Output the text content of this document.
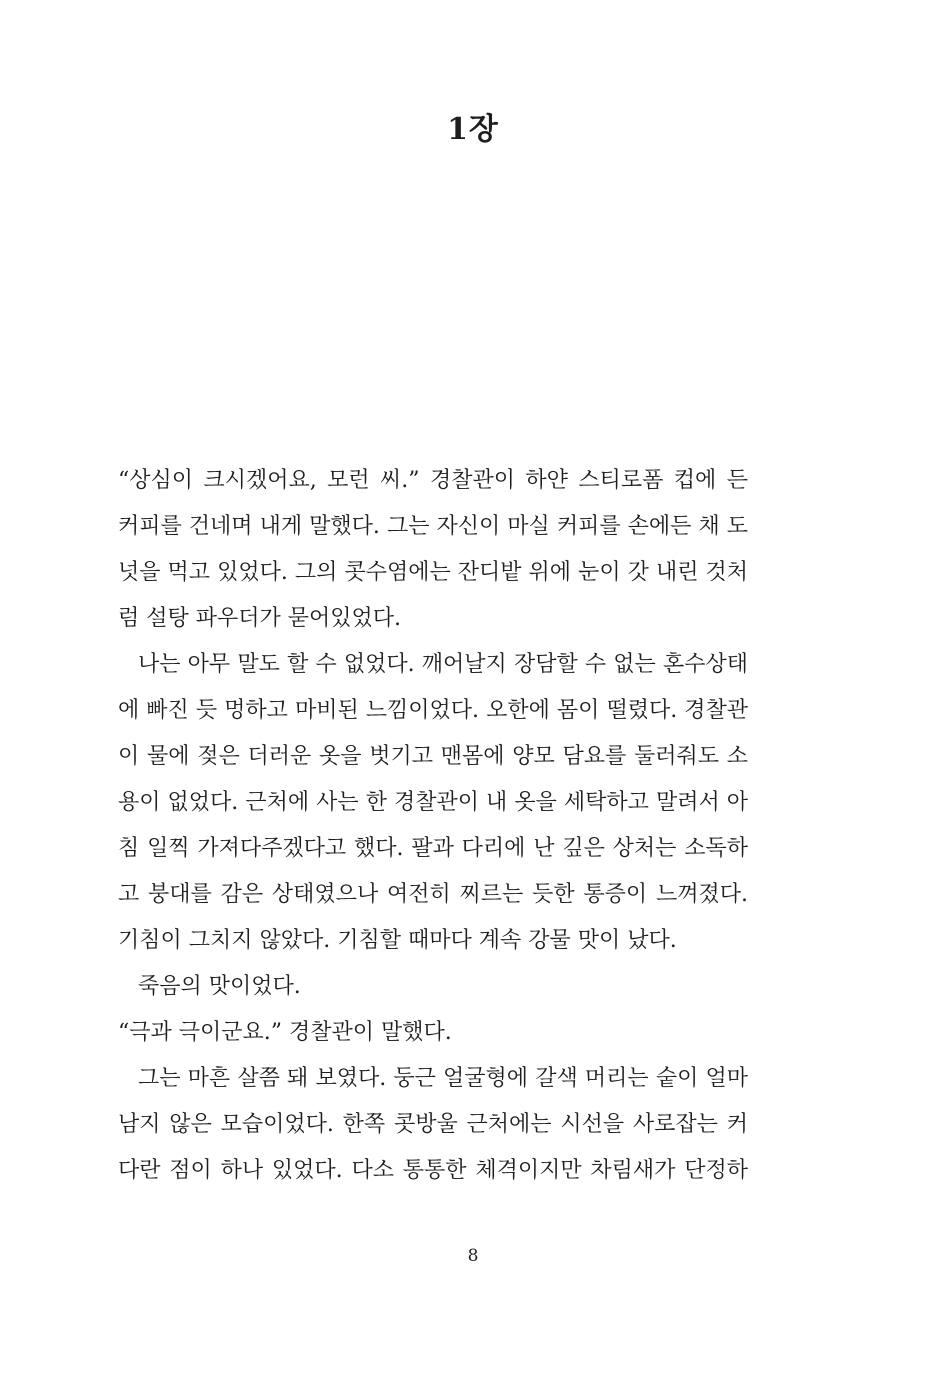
1장
“상심이 크시겠어요, 모런 씨.” 경찰관이 하얀 스티로폼 컵에 든
커피를 건네며 내게 말했다. 그는 자신이 마실 커피를 손에든 채 도
넛을 먹고 있었다. 그의 콧수염에는 잔디밭 위에 눈이 갓 내린 것처
럼 설탕 파우더가 묻어있었다.
나는 아무 말도 할 수 없었다. 깨어날지 장담할 수 없는 혼수상태
에 빠진 듯 멍하고 마비된 느낌이었다. 오한에 몸이 떨렸다. 경찰관
이 물에 젖은 더러운 옷을 벗기고 맨몸에 양모 담요를 둘러줘도 소
용이 없었다. 근처에 사는 한 경찰관이 내 옷을 세탁하고 말려서 아
침 일찍 가져다주겠다고 했다. 팔과 다리에 난 깊은 상처는 소독하
고 붕대를 감은 상태였으나 여전히 찌르는 듯한 통증이 느껴졌다.
기침이 그치지 않았다. 기침할 때마다 계속 강물 맛이 났다.
죽음의 맛이었다.
“극과 극이군요.” 경찰관이 말했다.
그는 마흔 살쯤 돼 보였다. 둥근 얼굴형에 갈색 머리는 숱이 얼마
남지 않은 모습이었다. 한쪽 콧방울 근처에는 시선을 사로잡는 커
다란 점이 하나 있었다. 다소 통통한 체격이지만 차림새가 단정하
8
